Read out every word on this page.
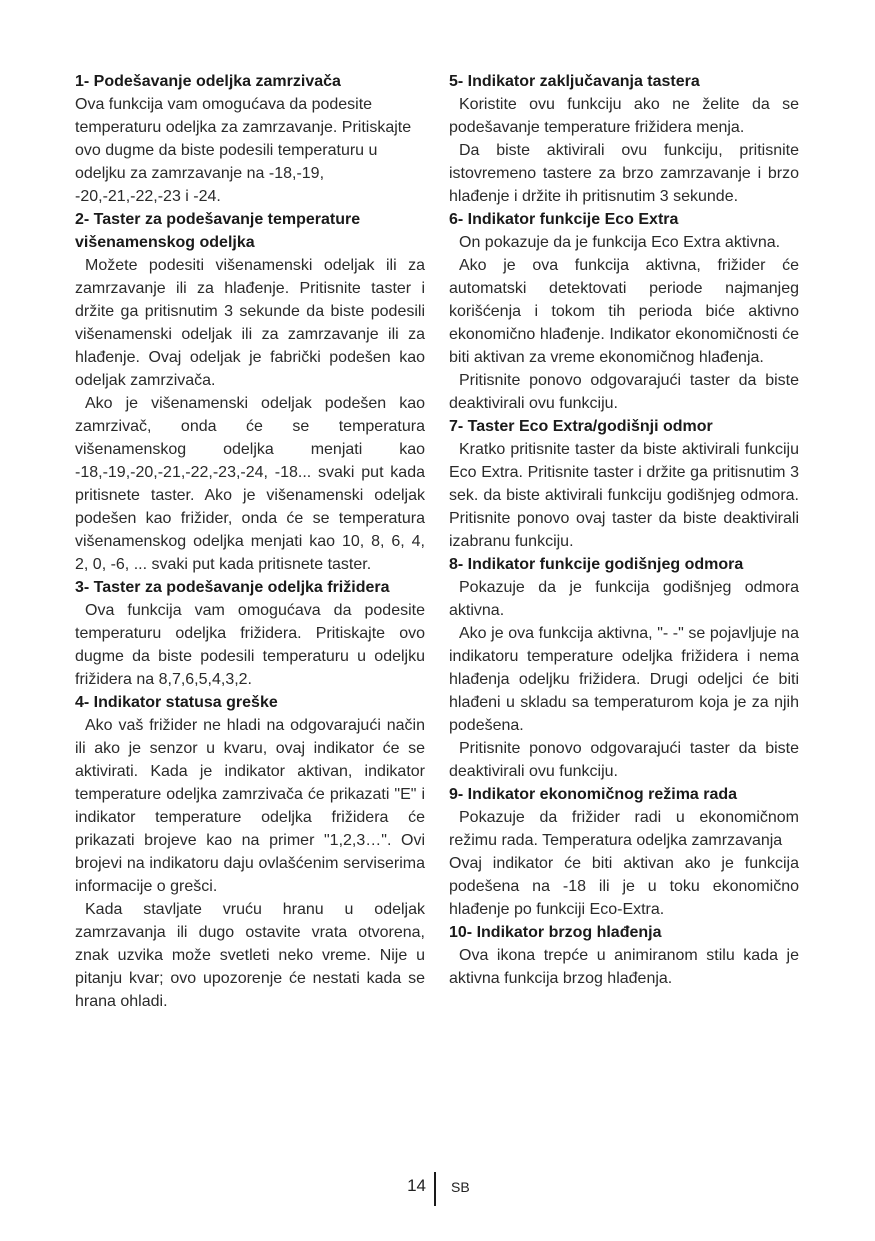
1- Podešavanje odeljka zamrzivača

Ova funkcija vam omogućava da podesite temperaturu odeljka za zamrzavanje. Pritiskajte ovo dugme da biste podesili temperaturu u odeljku za zamrzavanje na -18,-19, -20,-21,-22,-23 i -24.

2- Taster za podešavanje temperature višenamenskog odeljka

Možete podesiti višenamenski odeljak ili za zamrzavanje ili za hlađenje. Pritisnite taster i držite ga pritisnutim 3 sekunde da biste podesili višenamenski odeljak ili za zamrzavanje ili za hlađenje. Ovaj odeljak je fabrički podešen kao odeljak zamrzivača.

Ako je višenamenski odeljak podešen kao zamrzivač, onda će se temperatura višenamenskog odeljka menjati kao -18,-19,-20,-21,-22,-23,-24, -18... svaki put kada pritisnete taster. Ako je višenamenski odeljak podešen kao frižider, onda će se temperatura višenamenskog odeljka menjati kao 10, 8, 6, 4, 2, 0, -6, ... svaki put kada pritisnete taster.

3- Taster za podešavanje odeljka frižidera

Ova funkcija vam omogućava da podesite temperaturu odeljka frižidera. Pritiskajte ovo dugme da biste podesili temperaturu u odeljku frižidera na 8,7,6,5,4,3,2.

4- Indikator statusa greške

Ako vaš frižider ne hladi na odgovarajući način ili ako je senzor u kvaru, ovaj indikator će se aktivirati. Kada je indikator aktivan, indikator temperature odeljka zamrzivača će prikazati "E" i indikator temperature odeljka frižidera će prikazati brojeve kao na primer "1,2,3…". Ovi brojevi na indikatoru daju ovlašćenim serviserima informacije o grešci.

Kada stavljate vruću hranu u odeljak zamrzavanja ili dugo ostavite vrata otvorena, znak uzvika može svetleti neko vreme. Nije u pitanju kvar; ovo upozorenje će nestati kada se hrana ohladi.

5- Indikator zaključavanja tastera

Koristite ovu funkciju ako ne želite da se podešavanje temperature frižidera menja.

Da biste aktivirali ovu funkciju, pritisnite istovremeno tastere za brzo zamrzavanje i brzo hlađenje i držite ih pritisnutim 3 sekunde.

6- Indikator funkcije Eco Extra

On pokazuje da je funkcija Eco Extra aktivna.

Ako je ova funkcija aktivna, frižider će automatski detektovati periode najmanjeg korišćenja i tokom tih perioda biće aktivno ekonomično hlađenje. Indikator ekonomičnosti će biti aktivan za vreme ekonomičnog hlađenja.

Pritisnite ponovo odgovarajući taster da biste deaktivirali ovu funkciju.

7- Taster Eco Extra/godišnji odmor

Kratko pritisnite taster da biste aktivirali funkciju Eco Extra. Pritisnite taster i držite ga pritisnutim 3 sek. da biste aktivirali funkciju godišnjeg odmora. Pritisnite ponovo ovaj taster da biste deaktivirali izabranu funkciju.

8- Indikator funkcije godišnjeg odmora

Pokazuje da je funkcija godišnjeg odmora aktivna.

Ako je ova funkcija aktivna, "- -" se pojavljuje na indikatoru temperature odeljka frižidera i nema hlađenja odeljku frižidera. Drugi odeljci će biti hlađeni u skladu sa temperaturom koja je za njih podešena.

Pritisnite ponovo odgovarajući taster da biste deaktivirali ovu funkciju.

9- Indikator ekonomičnog režima rada

Pokazuje da frižider radi u ekonomičnom režimu rada. Temperatura odeljka zamrzavanja

Ovaj indikator će biti aktivan ako je funkcija podešena na -18 ili je u toku ekonomično hlađenje po funkciji Eco-Extra.

10- Indikator brzog hlađenja

Ova ikona trepće u animiranom stilu kada je aktivna funkcija brzog hlađenja.

14 SB
